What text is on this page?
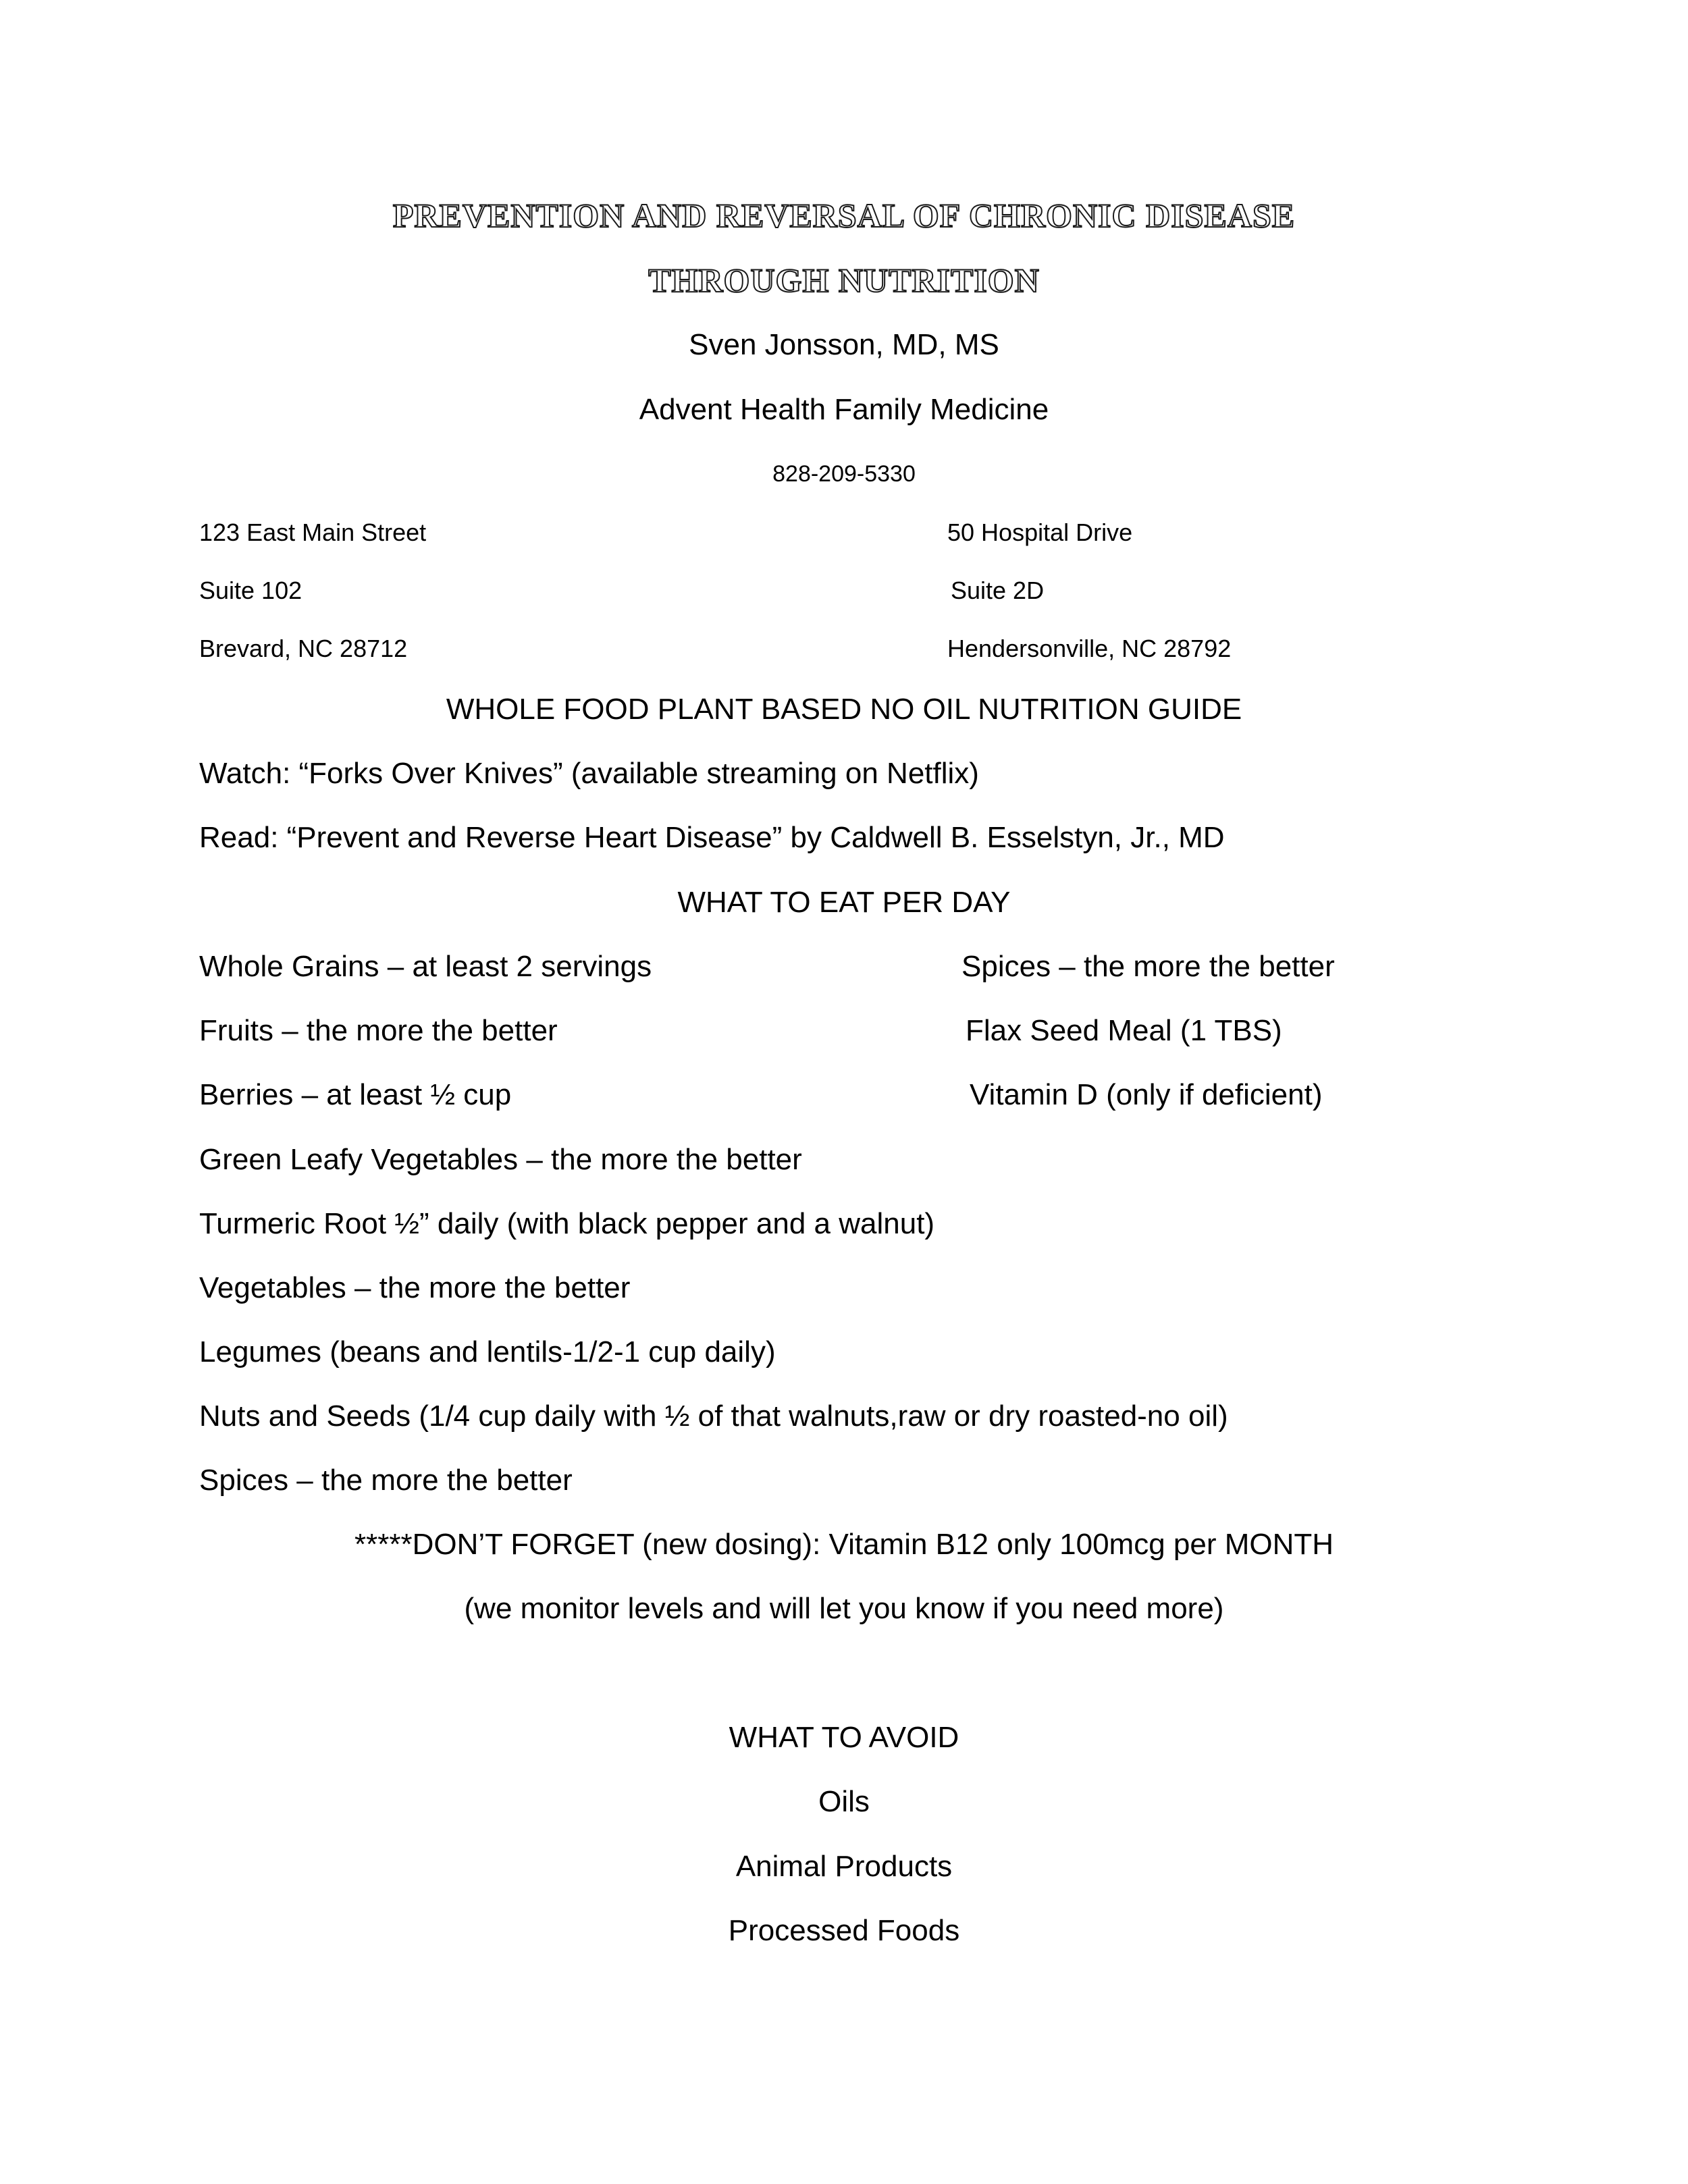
PREVENTION AND REVERSAL OF CHRONIC DISEASE
THROUGH NUTRITION
Sven Jonsson, MD, MS
Advent Health Family Medicine
828-209-5330
123 East Main Street
Suite 102
Brevard, NC 28712
50 Hospital Drive
Suite 2D
Hendersonville, NC 28792
WHOLE FOOD PLANT BASED NO OIL NUTRITION GUIDE
Watch: “Forks Over Knives” (available streaming on Netflix)
Read: “Prevent and Reverse Heart Disease” by Caldwell B. Esselstyn, Jr., MD
WHAT TO EAT PER DAY
Whole Grains – at least 2 servings
Fruits – the more the better
Berries – at least ½ cup
Green Leafy Vegetables – the more the better
Turmeric Root ½” daily (with black pepper and a walnut)
Vegetables – the more the better
Legumes (beans and lentils-1/2-1 cup daily)
Nuts and Seeds (1/4 cup daily with ½ of that walnuts,raw or dry roasted-no oil)
Spices – the more the better
Spices – the more the better
Flax Seed Meal (1 TBS)
Vitamin D (only if deficient)
*****DON’T FORGET (new dosing): Vitamin B12 only 100mcg per MONTH
(we monitor levels and will let you know if you need more)
WHAT TO AVOID
Oils
Animal Products
Processed Foods
